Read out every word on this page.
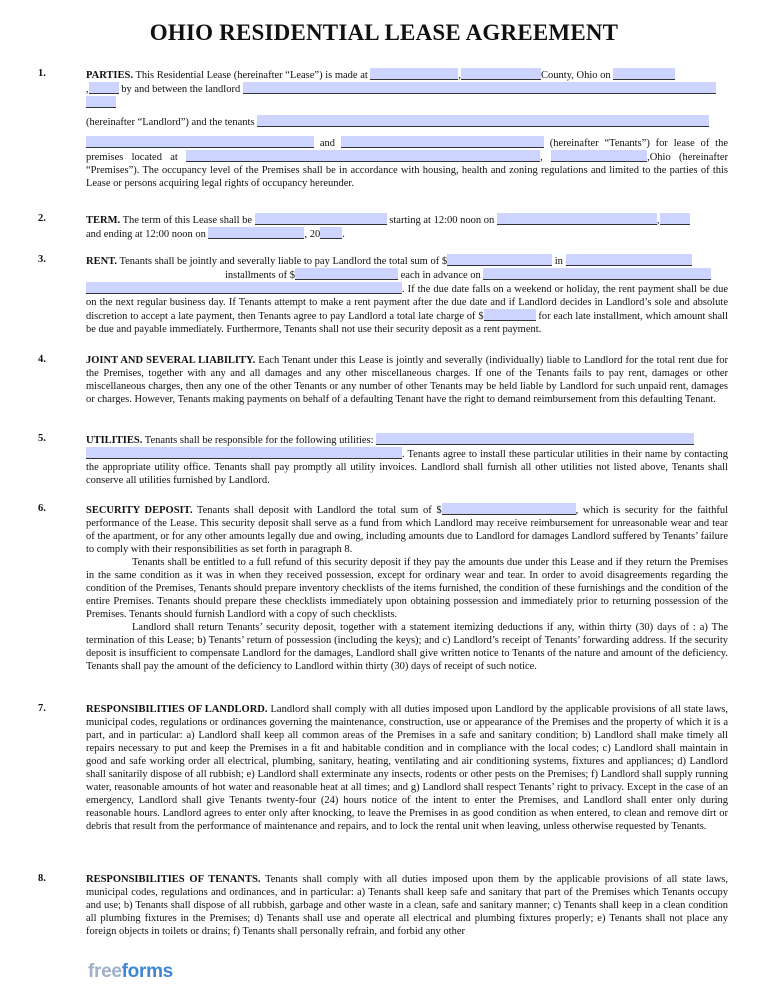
OHIO RESIDENTIAL LEASE AGREEMENT
1.	PARTIES. This Residential Lease (hereinafter “Lease”) is made at	,	County, Ohio on
,	by and between the landlord

(hereinafter “Landlord”) and the tenants

and	(hereinafter “Tenants”) for lease of the premises located at	,	,Ohio (hereinafter “Premises”). The occupancy level of the Premises shall be in accordance with housing, health and zoning regulations and limited to the parties of this Lease or persons acquiring legal rights of occupancy hereunder.

2.	TERM. The term of this Lease shall be	starting at 12:00 noon on	,
and ending at 12:00 noon on	, 20 .

3.	RENT. Tenants shall be jointly and severally liable to pay Landlord the total sum of $	in
installments of $	each in advance on
. If the due date falls on a weekend or holiday, the rent payment shall be due on the next regular business day. If Tenants attempt to make a rent payment after the due date and if Landlord decides in Landlord’s sole and absolute discretion to accept a late payment, then Tenants agree to pay Landlord a total late charge of $	for each late installment, which amount shall be due and payable immediately. Furthermore, Tenants shall not use their security deposit as a rent payment.

4.	JOINT AND SEVERAL LIABILITY. Each Tenant under this Lease is jointly and severally (individually) liable to Landlord for the total rent due for the Premises, together with any and all damages and any other miscellaneous charges. If one of the Tenants fails to pay rent, damages or other miscellaneous charges, then any one of the other Tenants or any number of other Tenants may be held liable by Landlord for such unpaid rent, damages or charges. However, Tenants making payments on behalf of a defaulting Tenant have the right to demand reimbursement from this defaulting Tenant.

5.	UTILITIES. Tenants shall be responsible for the following utilities:
. Tenants agree to install these particular utilities in their name by contacting the appropriate utility office. Tenants shall pay promptly all utility invoices. Landlord shall furnish all other utilities not listed above, Tenants shall conserve all utilities furnished by Landlord.

6.	SECURITY DEPOSIT. Tenants shall deposit with Landlord the total sum of $	, which is security for the faithful performance of the Lease. This security deposit shall serve as a fund from which Landlord may receive reimbursement for unreasonable wear and tear of the apartment, or for any other amounts legally due and owing, including amounts due to Landlord for damages Landlord suffered by Tenants’ failure to comply with their responsibilities as set forth in paragraph 8.

Tenants shall be entitled to a full refund of this security deposit if they pay the amounts due under this Lease and if they return the Premises in the same condition as it was in when they received possession, except for ordinary wear and tear. In order to avoid disagreements regarding the condition of the Premises, Tenants should prepare inventory checklists of the items furnished, the condition of these furnishings and the condition of the entire Premises. Tenants should prepare these checklists immediately upon obtaining possession and immediately prior to returning possession of the Premises. Tenants should furnish Landlord with a copy of such checklists.

Landlord shall return Tenants’ security deposit, together with a statement itemizing deductions if any, within thirty (30) days of : a) The termination of this Lease; b) Tenants’ return of possession (including the keys); and c) Landlord’s receipt of Tenants’ forwarding address. If the security deposit is insufficient to compensate Landlord for the damages, Landlord shall give written notice to Tenants of the nature and amount of the deficiency. Tenants shall pay the amount of the deficiency to Landlord within thirty (30) days of receipt of such notice.

7.	RESPONSIBILITIES OF LANDLORD. Landlord shall comply with all duties imposed upon Landlord by the applicable provisions of all state laws, municipal codes, regulations or ordinances governing the maintenance, construction, use or appearance of the Premises and the property of which it is a part, and in particular: a) Landlord shall keep all common areas of the Premises in a safe and sanitary condition; b) Landlord shall make timely all repairs necessary to put and keep the Premises in a fit and habitable condition and in compliance with the local codes; c) Landlord shall maintain in good and safe working order all electrical, plumbing, sanitary, heating, ventilating and air conditioning systems, fixtures and appliances; d) Landlord shall sanitarily dispose of all rubbish; e) Landlord shall exterminate any insects, rodents or other pests on the Premises; f) Landlord shall supply running water, reasonable amounts of hot water and reasonable heat at all times; and g) Landlord shall respect Tenants’ right to privacy. Except in the case of an emergency, Landlord shall give Tenants twenty-four (24) hours notice of the intent to enter the Premises, and Landlord shall enter only during reasonable hours. Landlord agrees to enter only after knocking, to leave the Premises in as good condition as when entered, to clean and remove dirt or debris that result from the performance of maintenance and repairs, and to lock the rental unit when leaving, unless otherwise requested by Tenants.

8.	RESPONSIBILITIES OF TENANTS. Tenants shall comply with all duties imposed upon them by the applicable provisions of all state laws, municipal codes, regulations and ordinances, and in particular: a) Tenants shall keep safe and sanitary that part of the Premises which Tenants occupy and use; b) Tenants shall dispose of all rubbish, garbage and other waste in a clean, safe and sanitary manner; c) Tenants shall keep in a clean condition all plumbing fixtures in the Premises; d) Tenants shall use and operate all electrical and plumbing fixtures properly; e) Tenants shall not place any foreign objects in toilets or drains; f) Tenants shall personally refrain, and forbid any other

freeforms
